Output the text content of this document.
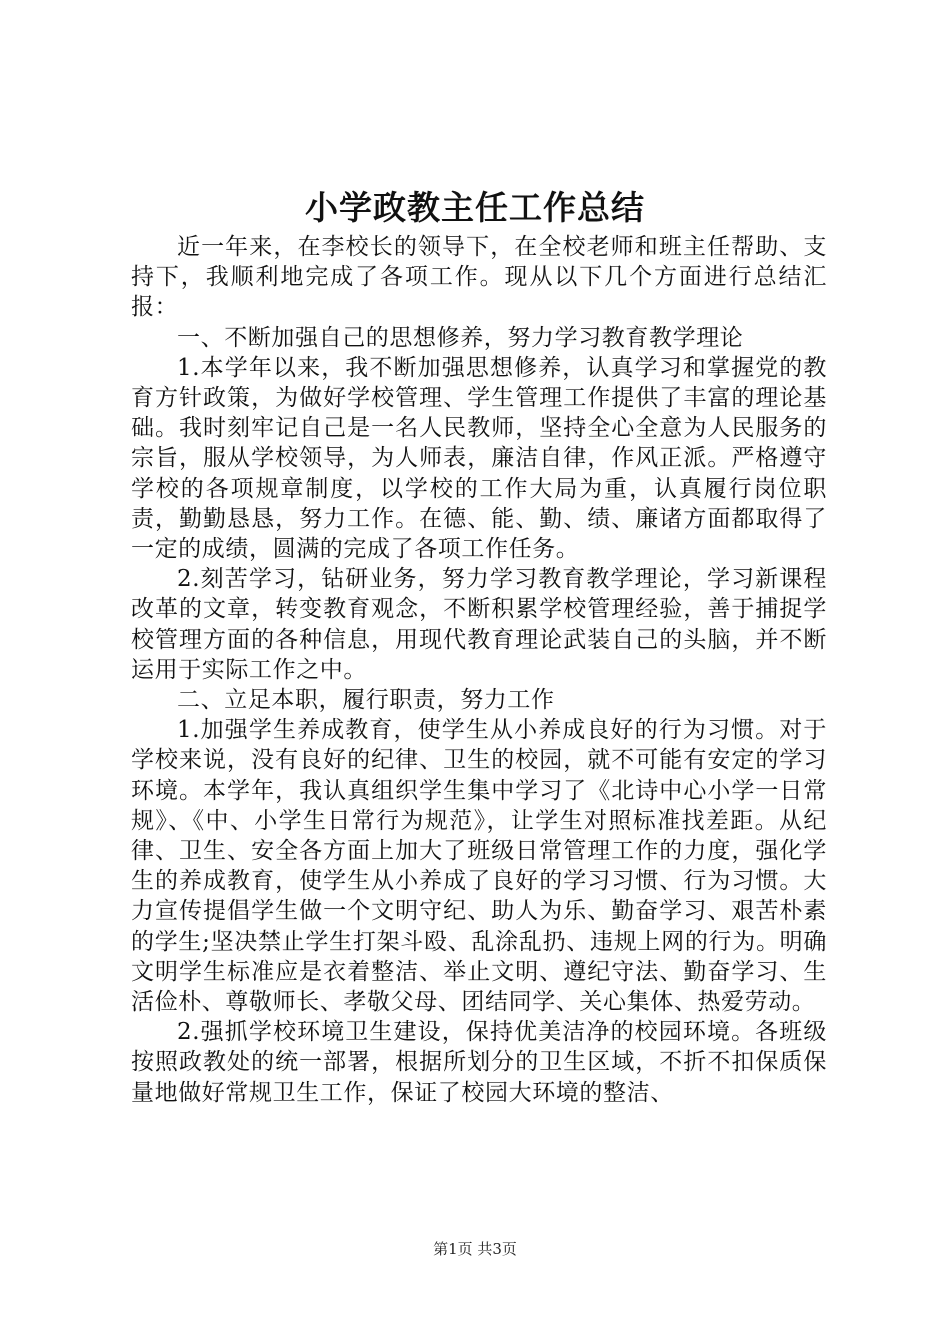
小学政教主任工作总结

近一年来，在李校长的领导下，在全校老师和班主任帮助、支持下，我顺利地完成了各项工作。现从以下几个方面进行总结汇报：

一、不断加强自己的思想修养，努力学习教育教学理论

1.本学年以来，我不断加强思想修养，认真学习和掌握党的教育方针政策，为做好学校管理、学生管理工作提供了丰富的理论基础。我时刻牢记自己是一名人民教师，坚持全心全意为人民服务的宗旨，服从学校领导，为人师表，廉洁自律，作风正派。严格遵守学校的各项规章制度，以学校的工作大局为重，认真履行岗位职责，勤勤恳恳，努力工作。在德、能、勤、绩、廉诸方面都取得了一定的成绩，圆满的完成了各项工作任务。

2.刻苦学习，钻研业务，努力学习教育教学理论，学习新课程改革的文章，转变教育观念，不断积累学校管理经验，善于捕捉学校管理方面的各种信息，用现代教育理论武装自己的头脑，并不断运用于实际工作之中。

二、立足本职，履行职责，努力工作

1.加强学生养成教育，使学生从小养成良好的行为习惯。对于学校来说，没有良好的纪律、卫生的校园，就不可能有安定的学习环境。本学年，我认真组织学生集中学习了《北诗中心小学一日常规》、《中、小学生日常行为规范》，让学生对照标准找差距。从纪律、卫生、安全各方面上加大了班级日常管理工作的力度，强化学生的养成教育，使学生从小养成了良好的学习习惯、行为习惯。大力宣传提倡学生做一个文明守纪、助人为乐、勤奋学习、艰苦朴素的学生;坚决禁止学生打架斗殴、乱涂乱扔、违规上网的行为。明确文明学生标准应是衣着整洁、举止文明、遵纪守法、勤奋学习、生活俭朴、尊敬师长、孝敬父母、团结同学、关心集体、热爱劳动。

2.强抓学校环境卫生建设，保持优美洁净的校园环境。各班级按照政教处的统一部署，根据所划分的卫生区域，不折不扣保质保量地做好常规卫生工作，保证了校园大环境的整洁、

第1页 共3页
